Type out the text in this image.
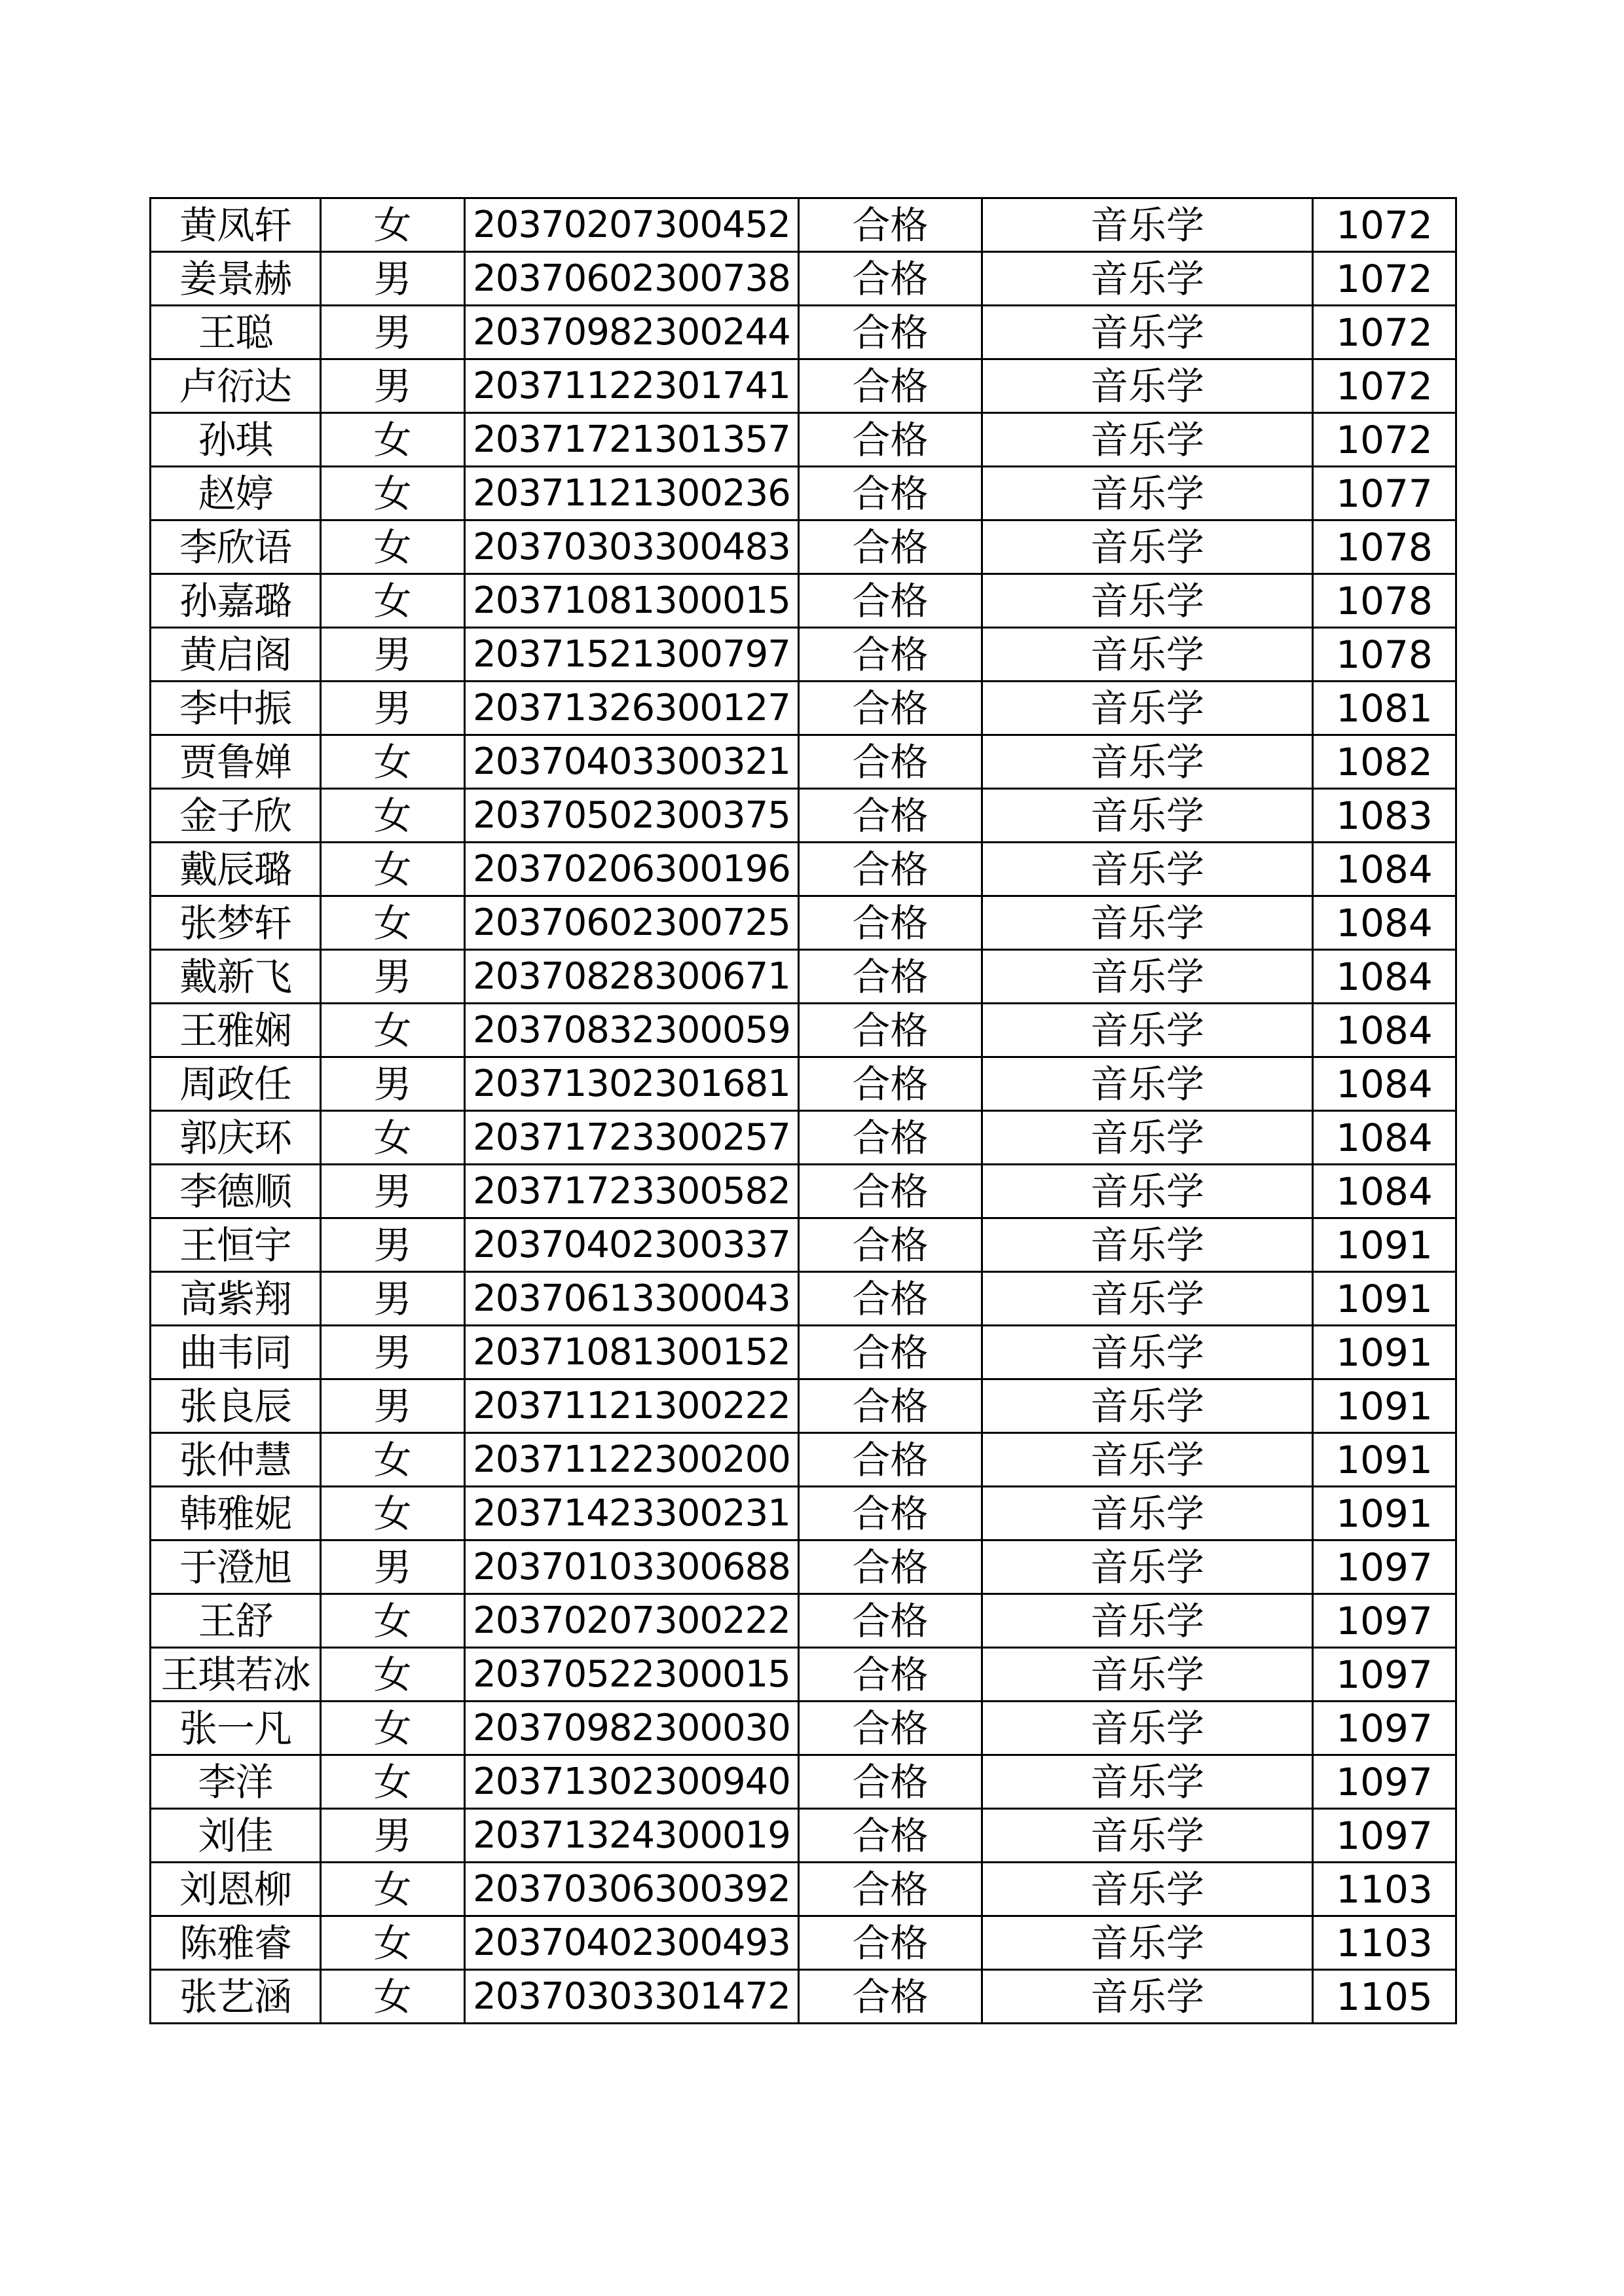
黄凤轩	女	20370207300452	合格	音乐学	1072
姜景赫	男	20370602300738	合格	音乐学	1072
王聪	男	20370982300244	合格	音乐学	1072
卢衍达	男	20371122301741	合格	音乐学	1072
孙琪	女	20371721301357	合格	音乐学	1072
赵婷	女	20371121300236	合格	音乐学	1077
李欣语	女	20370303300483	合格	音乐学	1078
孙嘉璐	女	20371081300015	合格	音乐学	1078
黄启阁	男	20371521300797	合格	音乐学	1078
李中振	男	20371326300127	合格	音乐学	1081
贾鲁婵	女	20370403300321	合格	音乐学	1082
金子欣	女	20370502300375	合格	音乐学	1083
戴辰璐	女	20370206300196	合格	音乐学	1084
张梦轩	女	20370602300725	合格	音乐学	1084
戴新飞	男	20370828300671	合格	音乐学	1084
王雅娴	女	20370832300059	合格	音乐学	1084
周政任	男	20371302301681	合格	音乐学	1084
郭庆环	女	20371723300257	合格	音乐学	1084
李德顺	男	20371723300582	合格	音乐学	1084
王恒宇	男	20370402300337	合格	音乐学	1091
高紫翔	男	20370613300043	合格	音乐学	1091
曲韦同	男	20371081300152	合格	音乐学	1091
张良辰	男	20371121300222	合格	音乐学	1091
张仲慧	女	20371122300200	合格	音乐学	1091
韩雅妮	女	20371423300231	合格	音乐学	1091
于澄旭	男	20370103300688	合格	音乐学	1097
王舒	女	20370207300222	合格	音乐学	1097
王琪若冰	女	20370522300015	合格	音乐学	1097
张一凡	女	20370982300030	合格	音乐学	1097
李洋	女	20371302300940	合格	音乐学	1097
刘佳	男	20371324300019	合格	音乐学	1097
刘恩柳	女	20370306300392	合格	音乐学	1103
陈雅睿	女	20370402300493	合格	音乐学	1103
张艺涵	女	20370303301472	合格	音乐学	1105
